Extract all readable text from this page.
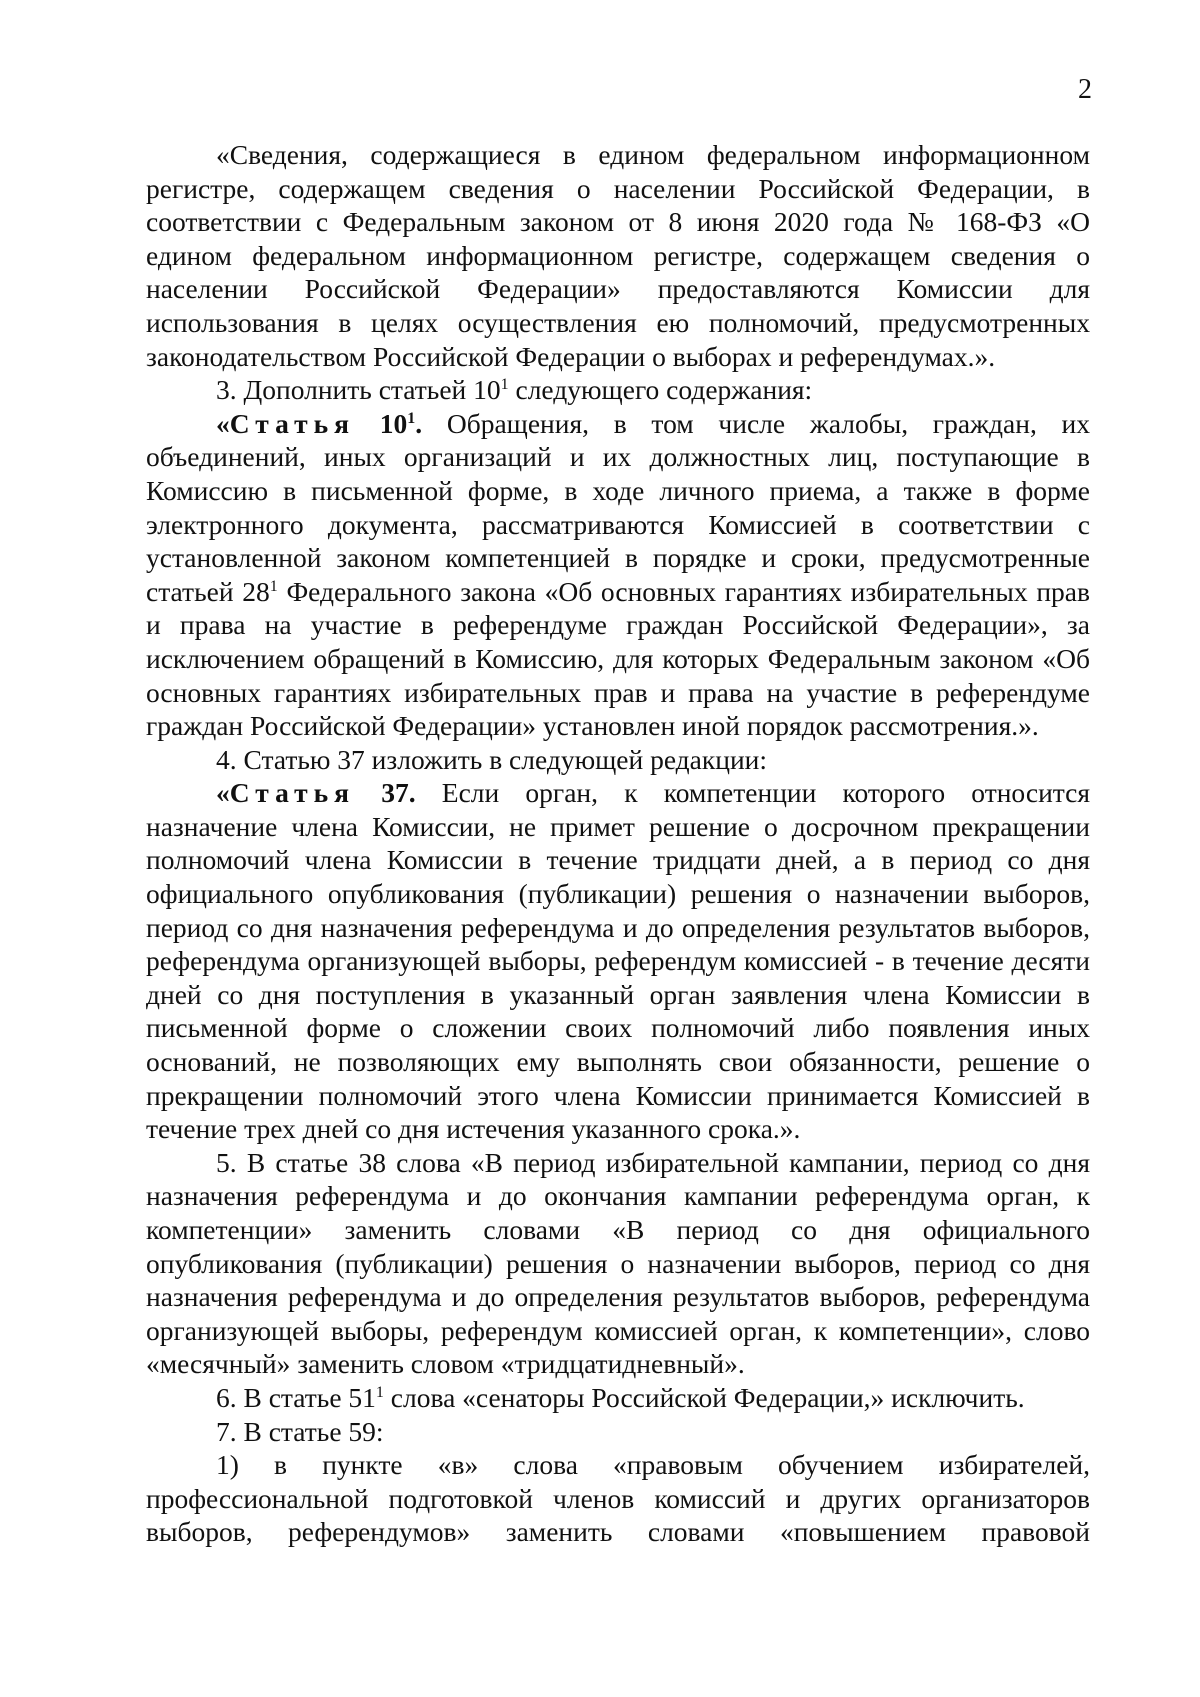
2

«Сведения, содержащиеся в едином федеральном информационном регистре, содержащем сведения о населении Российской Федерации, в соответствии с Федеральным законом от 8 июня 2020 года № 168-ФЗ «О едином федеральном информационном регистре, содержащем сведения о населении Российской Федерации» предоставляются Комиссии для использования в целях осуществления ею полномочий, предусмотренных законодательством Российской Федерации о выборах и референдумах.».

3. Дополнить статьей $10^1$ следующего содержания:

«Статья $10^1$. Обращения, в том числе жалобы, граждан, их объединений, иных организаций и их должностных лиц, поступающие в Комиссию в письменной форме, в ходе личного приема, а также в форме электронного документа, рассматриваются Комиссией в соответствии с установленной законом компетенцией в порядке и сроки, предусмотренные статьей $28^1$ Федерального закона «Об основных гарантиях избирательных прав и права на участие в референдуме граждан Российской Федерации», за исключением обращений в Комиссию, для которых Федеральным законом «Об основных гарантиях избирательных прав и права на участие в референдуме граждан Российской Федерации» установлен иной порядок рассмотрения.».

4. Статью 37 изложить в следующей редакции:

«Статья 37. Если орган, к компетенции которого относится назначение члена Комиссии, не примет решение о досрочном прекращении полномочий члена Комиссии в течение тридцати дней, а в период со дня официального опубликования (публикации) решения о назначении выборов, период со дня назначения референдума и до определения результатов выборов, референдума организующей выборы, референдум комиссией - в течение десяти дней со дня поступления в указанный орган заявления члена Комиссии в письменной форме о сложении своих полномочий либо появления иных оснований, не позволяющих ему выполнять свои обязанности, решение о прекращении полномочий этого члена Комиссии принимается Комиссией в течение трех дней со дня истечения указанного срока.».

5. В статье 38 слова «В период избирательной кампании, период со дня назначения референдума и до окончания кампании референдума орган, к компетенции» заменить словами «В период со дня официального опубликования (публикации) решения о назначении выборов, период со дня назначения референдума и до определения результатов выборов, референдума организующей выборы, референдум комиссией орган, к компетенции», слово «месячный» заменить словом «тридцатидневный».

6. В статье $51^1$ слова «сенаторы Российской Федерации,» исключить.

7. В статье 59:

1) в пункте «в» слова «правовым обучением избирателей, профессиональной подготовкой членов комиссий и других организаторов выборов, референдумов» заменить словами «повышением правовой
